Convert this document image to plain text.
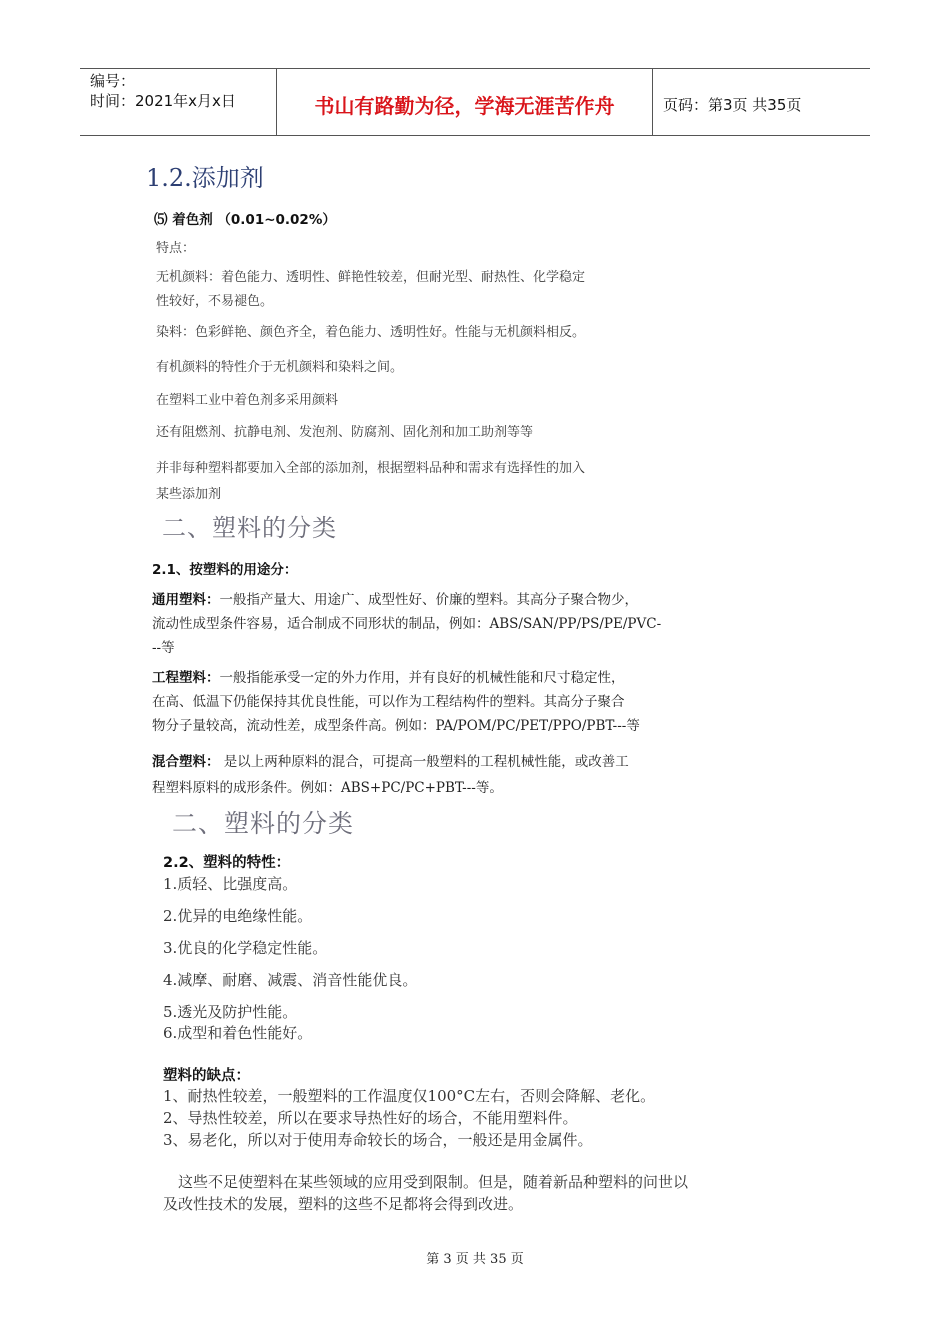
编号：
时间：2021年x月x日	书山有路勤为径，学海无涯苦作舟	页码：第3页 共35页
1.2.添加剂
⑸ 着色剂 （0.01~0.02%）
特点：
无机颜料：着色能力、透明性、鲜艳性较差，但耐光型、耐热性、化学稳定
性较好，不易褪色。
染料：色彩鲜艳、颜色齐全，着色能力、透明性好。性能与无机颜料相反。
有机颜料的特性介于无机颜料和染料之间。
在塑料工业中着色剂多采用颜料
还有阻燃剂、抗静电剂、发泡剂、防腐剂、固化剂和加工助剂等等
并非每种塑料都要加入全部的添加剂，根据塑料品种和需求有选择性的加入
某些添加剂
二、塑料的分类
2.1、按塑料的用途分：
通用塑料：一般指产量大、用途广、成型性好、价廉的塑料。其高分子聚合物少，
流动性成型条件容易，适合制成不同形状的制品，例如：ABS/SAN/PP/PS/PE/PVC-
--等
工程塑料：一般指能承受一定的外力作用，并有良好的机械性能和尺寸稳定性，
在高、低温下仍能保持其优良性能，可以作为工程结构件的塑料。其高分子聚合
物分子量较高，流动性差，成型条件高。例如：PA/POM/PC/PET/PPO/PBT---等
混合塑料： 是以上两种原料的混合，可提高一般塑料的工程机械性能，或改善工
程塑料原料的成形条件。例如：ABS+PC/PC+PBT---等。
二、塑料的分类
2.2、塑料的特性：
1.质轻、比强度高。
2.优异的电绝缘性能。
3.优良的化学稳定性能。
4.减摩、耐磨、减震、消音性能优良。
5.透光及防护性能。
6.成型和着色性能好。
塑料的缺点：
1、耐热性较差，一般塑料的工作温度仅100°C左右，否则会降解、老化。
2、导热性较差，所以在要求导热性好的场合，不能用塑料件。
3、易老化，所以对于使用寿命较长的场合，一般还是用金属件。
这些不足使塑料在某些领域的应用受到限制。但是，随着新品种塑料的问世以
及改性技术的发展，塑料的这些不足都将会得到改进。
第 3 页 共 35 页
